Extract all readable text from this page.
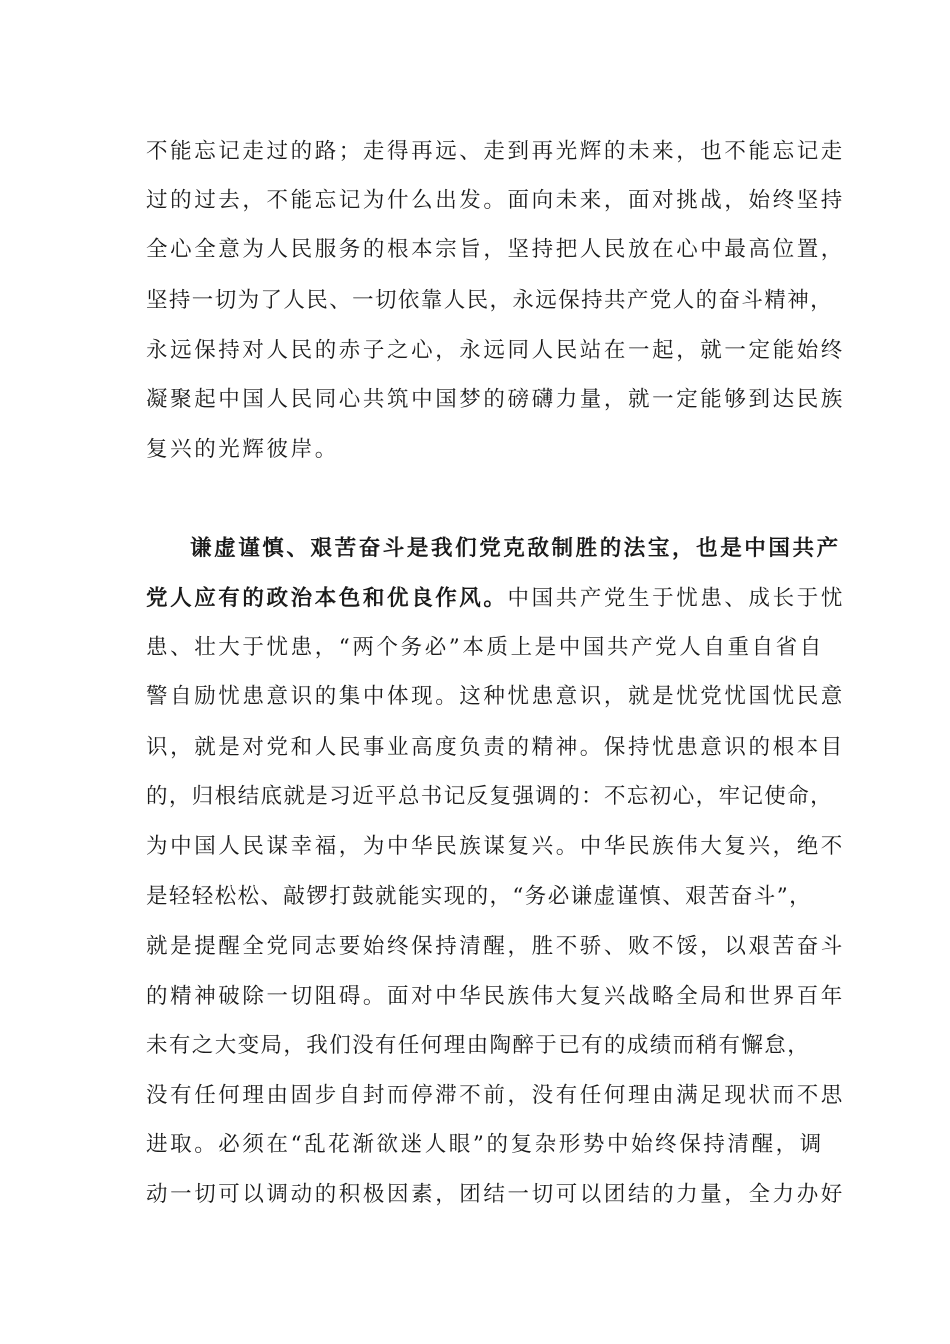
不能忘记走过的路；走得再远、走到再光辉的未来，也不能忘记走

过的过去，不能忘记为什么出发。面向未来，面对挑战，始终坚持

全心全意为人民服务的根本宗旨，坚持把人民放在心中最高位置，

坚持一切为了人民、一切依靠人民，永远保持共产党人的奋斗精神，

永远保持对人民的赤子之心，永远同人民站在一起，就一定能始终

凝聚起中国人民同心共筑中国梦的磅礴力量，就一定能够到达民族

复兴的光辉彼岸。

谦虚谨慎、艰苦奋斗是我们党克敌制胜的法宝，也是中国共产

党人应有的政治本色和优良作风。中国共产党生于忧患、成长于忧

患、壮大于忧患，“两个务必”本质上是中国共产党人自重自省自

警自励忧患意识的集中体现。这种忧患意识，就是忧党忧国忧民意

识，就是对党和人民事业高度负责的精神。保持忧患意识的根本目

的，归根结底就是习近平总书记反复强调的：不忘初心，牢记使命，

为中国人民谋幸福，为中华民族谋复兴。中华民族伟大复兴，绝不

是轻轻松松、敲锣打鼓就能实现的，“务必谦虚谨慎、艰苦奋斗”，

就是提醒全党同志要始终保持清醒，胜不骄、败不馁，以艰苦奋斗

的精神破除一切阻碍。面对中华民族伟大复兴战略全局和世界百年

未有之大变局，我们没有任何理由陶醉于已有的成绩而稍有懈怠，

没有任何理由固步自封而停滞不前，没有任何理由满足现状而不思

进取。必须在“乱花渐欲迷人眼”的复杂形势中始终保持清醒，调

动一切可以调动的积极因素，团结一切可以团结的力量，全力办好
